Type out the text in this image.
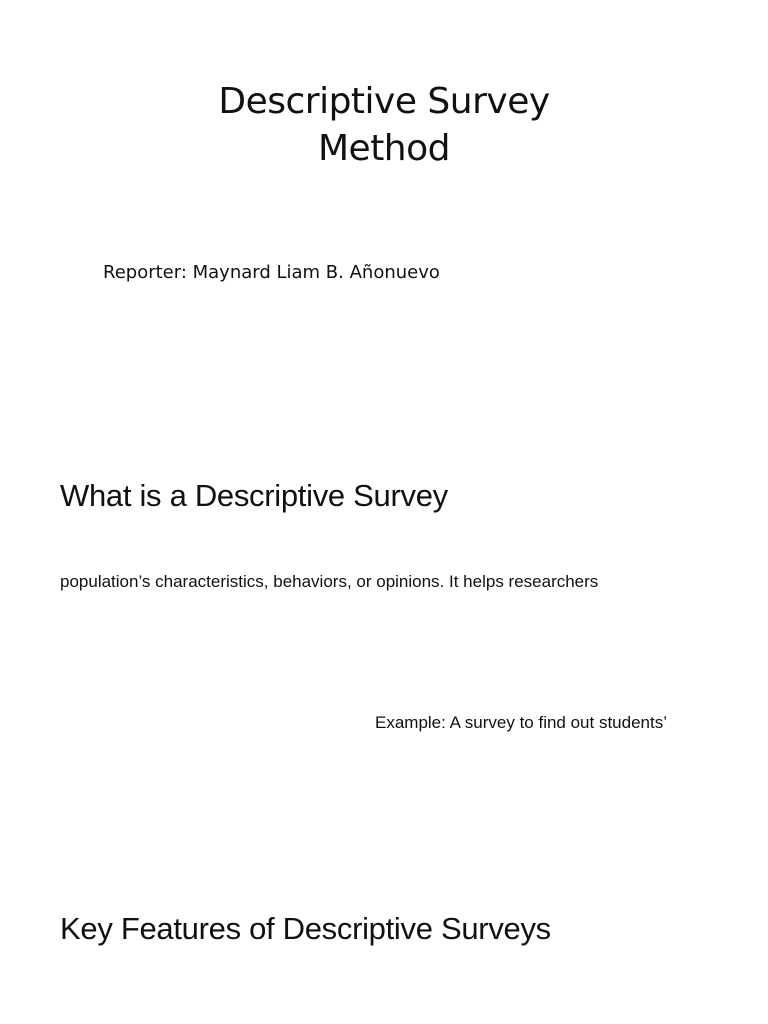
Descriptive Survey
Method
Reporter: Maynard Liam B. Añonuevo
What is a Descriptive Survey
population’s characteristics, behaviors, or opinions. It helps researchers
Example: A survey to find out students’
Key Features of Descriptive Surveys
